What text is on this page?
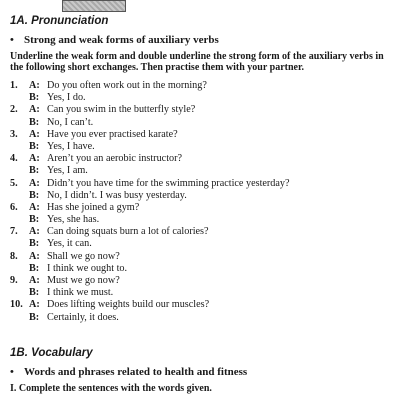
1A. Pronunciation
• Strong and weak forms of auxiliary verbs
Underline the weak form and double underline the strong form of the auxiliary verbs in the following short exchanges. Then practise them with your partner.
1. A: Do you often work out in the morning?
B: Yes, I do.
2. A: Can you swim in the butterfly style?
B: No, I can’t.
3. A: Have you ever practised karate?
B: Yes, I have.
4. A: Aren’t you an aerobic instructor?
B: Yes, I am.
5. A: Didn’t you have time for the swimming practice yesterday?
B: No, I didn’t. I was busy yesterday.
6. A: Has she joined a gym?
B: Yes, she has.
7. A: Can doing squats burn a lot of calories?
B: Yes, it can.
8. A: Shall we go now?
B: I think we ought to.
9. A: Must we go now?
B: I think we must.
10. A: Does lifting weights build our muscles?
B: Certainly, it does.
1B. Vocabulary
• Words and phrases related to health and fitness
I. Complete the sentences with the words given.
